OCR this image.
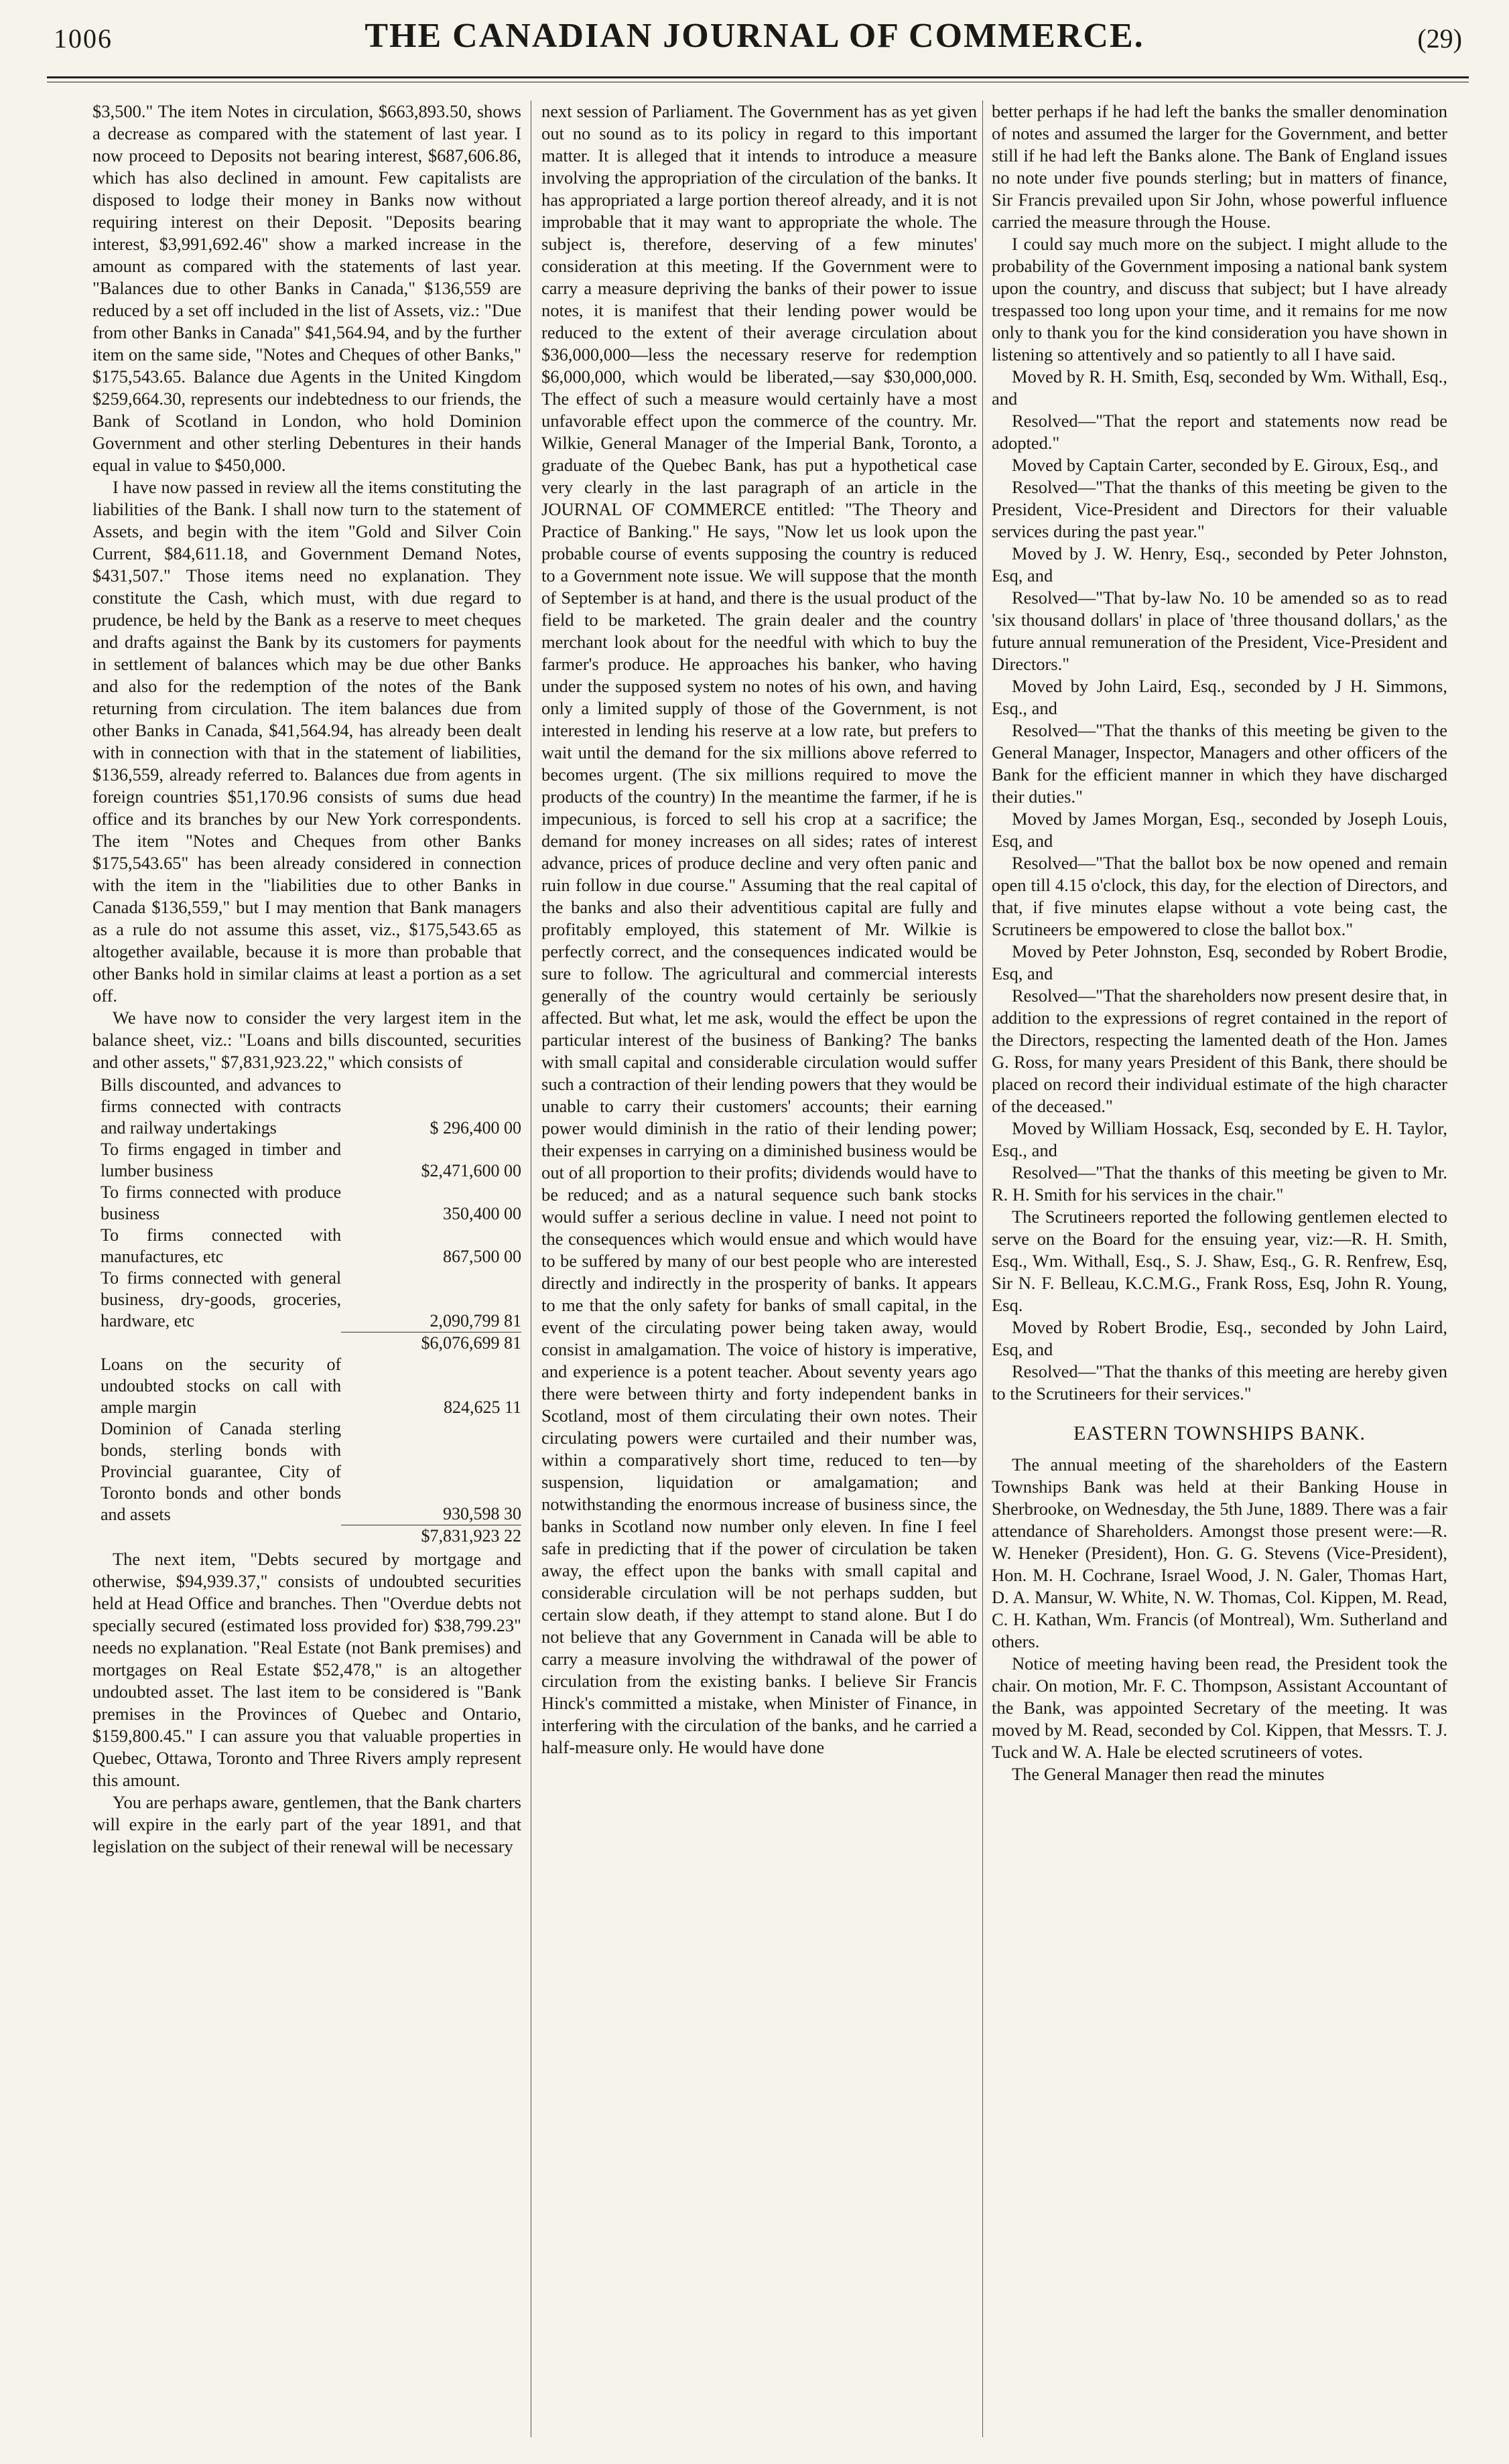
1006	THE CANADIAN JOURNAL OF COMMERCE.	(29)

$3,500." The item Notes in circulation, $663,893.50, shows a decrease as compared with the statement of last year. I now proceed to Deposits not bearing interest, $687,606.86, which has also declined in amount. Few capitalists are disposed to lodge their money in Banks now without requiring interest on their Deposit. "Deposits bearing interest, $3,991,692.46" show a marked increase in the amount as compared with the statements of last year. "Balances due to other Banks in Canada," $136,559 are reduced by a set off included in the list of Assets, viz.: "Due from other Banks in Canada" $41,564.94, and by the further item on the same side, "Notes and Cheques of other Banks," $175,543.65. Balance due Agents in the United Kingdom $259,664.30, represents our indebtedness to our friends, the Bank of Scotland in London, who hold Dominion Government and other sterling Debentures in their hands equal in value to $450,000.

I have now passed in review all the items constituting the liabilities of the Bank. I shall now turn to the statement of Assets, and begin with the item "Gold and Silver Coin Current, $84,611.18, and Government Demand Notes, $431,507." Those items need no explanation. They constitute the Cash, which must, with due regard to prudence, be held by the Bank as a reserve to meet cheques and drafts against the Bank by its customers for payments in settlement of balances which may be due other Banks and also for the redemption of the notes of the Bank returning from circulation. The item balances due from other Banks in Canada, $41,564.94, has already been dealt with in connection with that in the statement of liabilities, $136,559, already referred to. Balances due from agents in foreign countries $51,170.96 consists of sums due head office and its branches by our New York correspondents. The item "Notes and Cheques from other Banks $175,543.65" has been already considered in connection with the item in the "liabilities due to other Banks in Canada $136,559," but I may mention that Bank managers as a rule do not assume this asset, viz., $175,543.65 as altogether available, because it is more than probable that other Banks hold in similar claims at least a portion as a set off.

We have now to consider the very largest item in the balance sheet, viz.: "Loans and bills discounted, securities and other assets," $7,831,923.22," which consists of

Bills discounted, and advances to firms connected with contracts and railway undertakings	$ 296,400 00
To firms engaged in timber and lumber business	$2,471,600 00
To firms connected with produce business	350,400 00
To firms connected with manufactures, etc	867,500 00
To firms connected with general business, dry-goods, groceries, hardware, etc	2,090,799 81
	$6,076,699 81
Loans on the security of undoubted stocks on call with ample margin	824,625 11
Dominion of Canada sterling bonds, sterling bonds with Provincial guarantee, City of Toronto bonds and other bonds and assets	930,598 30
	$7,831,923 22

The next item, "Debts secured by mortgage and otherwise, $94,939.37," consists of undoubted securities held at Head Office and branches. Then "Overdue debts not specially secured (estimated loss provided for) $38,799.23" needs no explanation. "Real Estate (not Bank premises) and mortgages on Real Estate $52,478," is an altogether undoubted asset. The last item to be considered is "Bank premises in the Provinces of Quebec and Ontario, $159,800.45." I can assure you that valuable properties in Quebec, Ottawa, Toronto and Three Rivers amply represent this amount.

You are perhaps aware, gentlemen, that the Bank charters will expire in the early part of the year 1891, and that legislation on the subject of their renewal will be necessary

next session of Parliament. The Government has as yet given out no sound as to its policy in regard to this important matter. It is alleged that it intends to introduce a measure involving the appropriation of the circulation of the banks. It has appropriated a large portion thereof already, and it is not improbable that it may want to appropriate the whole. The subject is, therefore, deserving of a few minutes' consideration at this meeting. If the Government were to carry a measure depriving the banks of their power to issue notes, it is manifest that their lending power would be reduced to the extent of their average circulation about $36,000,000—less the necessary reserve for redemption $6,000,000, which would be liberated,—say $30,000,000. The effect of such a measure would certainly have a most unfavorable effect upon the commerce of the country. Mr. Wilkie, General Manager of the Imperial Bank, Toronto, a graduate of the Quebec Bank, has put a hypothetical case very clearly in the last paragraph of an article in the JOURNAL OF COMMERCE entitled: "The Theory and Practice of Banking." He says, "Now let us look upon the probable course of events supposing the country is reduced to a Government note issue. We will suppose that the month of September is at hand, and there is the usual product of the field to be marketed. The grain dealer and the country merchant look about for the needful with which to buy the farmer's produce. He approaches his banker, who having under the supposed system no notes of his own, and having only a limited supply of those of the Government, is not interested in lending his reserve at a low rate, but prefers to wait until the demand for the six millions above referred to becomes urgent. (The six millions required to move the products of the country) In the meantime the farmer, if he is impecunious, is forced to sell his crop at a sacrifice; the demand for money increases on all sides; rates of interest advance, prices of produce decline and very often panic and ruin follow in due course." Assuming that the real capital of the banks and also their adventitious capital are fully and profitably employed, this statement of Mr. Wilkie is perfectly correct, and the consequences indicated would be sure to follow. The agricultural and commercial interests generally of the country would certainly be seriously affected. But what, let me ask, would the effect be upon the particular interest of the business of Banking? The banks with small capital and considerable circulation would suffer such a contraction of their lending powers that they would be unable to carry their customers' accounts; their earning power would diminish in the ratio of their lending power; their expenses in carrying on a diminished business would be out of all proportion to their profits; dividends would have to be reduced; and as a natural sequence such bank stocks would suffer a serious decline in value. I need not point to the consequences which would ensue and which would have to be suffered by many of our best people who are interested directly and indirectly in the prosperity of banks. It appears to me that the only safety for banks of small capital, in the event of the circulating power being taken away, would consist in amalgamation. The voice of history is imperative, and experience is a potent teacher. About seventy years ago there were between thirty and forty independent banks in Scotland, most of them circulating their own notes. Their circulating powers were curtailed and their number was, within a comparatively short time, reduced to ten—by suspension, liquidation or amalgamation; and notwithstanding the enormous increase of business since, the banks in Scotland now number only eleven. In fine I feel safe in predicting that if the power of circulation be taken away, the effect upon the banks with small capital and considerable circulation will be not perhaps sudden, but certain slow death, if they attempt to stand alone. But I do not believe that any Government in Canada will be able to carry a measure involving the withdrawal of the power of circulation from the existing banks. I believe Sir Francis Hinck's committed a mistake, when Minister of Finance, in interfering with the circulation of the banks, and he carried a half-measure only. He would have done

better perhaps if he had left the banks the smaller denomination of notes and assumed the larger for the Government, and better still if he had left the Banks alone. The Bank of England issues no note under five pounds sterling; but in matters of finance, Sir Francis prevailed upon Sir John, whose powerful influence carried the measure through the House.

I could say much more on the subject. I might allude to the probability of the Government imposing a national bank system upon the country, and discuss that subject; but I have already trespassed too long upon your time, and it remains for me now only to thank you for the kind consideration you have shown in listening so attentively and so patiently to all I have said.

Moved by R. H. Smith, Esq, seconded by Wm. Withall, Esq., and

Resolved—"That the report and statements now read be adopted."

Moved by Captain Carter, seconded by E. Giroux, Esq., and

Resolved—"That the thanks of this meeting be given to the President, Vice-President and Directors for their valuable services during the past year."

Moved by J. W. Henry, Esq., seconded by Peter Johnston, Esq, and

Resolved—"That by-law No. 10 be amended so as to read 'six thousand dollars' in place of 'three thousand dollars,' as the future annual remuneration of the President, Vice-President and Directors."

Moved by John Laird, Esq., seconded by J H. Simmons, Esq., and

Resolved—"That the thanks of this meeting be given to the General Manager, Inspector, Managers and other officers of the Bank for the efficient manner in which they have discharged their duties."

Moved by James Morgan, Esq., seconded by Joseph Louis, Esq, and

Resolved—"That the ballot box be now opened and remain open till 4.15 o'clock, this day, for the election of Directors, and that, if five minutes elapse without a vote being cast, the Scrutineers be empowered to close the ballot box."

Moved by Peter Johnston, Esq, seconded by Robert Brodie, Esq, and

Resolved—"That the shareholders now present desire that, in addition to the expressions of regret contained in the report of the Directors, respecting the lamented death of the Hon. James G. Ross, for many years President of this Bank, there should be placed on record their individual estimate of the high character of the deceased."

Moved by William Hossack, Esq, seconded by E. H. Taylor, Esq., and

Resolved—"That the thanks of this meeting be given to Mr. R. H. Smith for his services in the chair."

The Scrutineers reported the following gentlemen elected to serve on the Board for the ensuing year, viz:—R. H. Smith, Esq., Wm. Withall, Esq., S. J. Shaw, Esq., G. R. Renfrew, Esq, Sir N. F. Belleau, K.C.M.G., Frank Ross, Esq, John R. Young, Esq.

Moved by Robert Brodie, Esq., seconded by John Laird, Esq, and

Resolved—"That the thanks of this meeting are hereby given to the Scrutineers for their services."

EASTERN TOWNSHIPS BANK.

The annual meeting of the shareholders of the Eastern Townships Bank was held at their Banking House in Sherbrooke, on Wednesday, the 5th June, 1889. There was a fair attendance of Shareholders. Amongst those present were:—R. W. Heneker (President), Hon. G. G. Stevens (Vice-President), Hon. M. H. Cochrane, Israel Wood, J. N. Galer, Thomas Hart, D. A. Mansur, W. White, N. W. Thomas, Col. Kippen, M. Read, C. H. Kathan, Wm. Francis (of Montreal), Wm. Sutherland and others.

Notice of meeting having been read, the President took the chair. On motion, Mr. F. C. Thompson, Assistant Accountant of the Bank, was appointed Secretary of the meeting. It was moved by M. Read, seconded by Col. Kippen, that Messrs. T. J. Tuck and W. A. Hale be elected scrutineers of votes.

The General Manager then read the minutes
